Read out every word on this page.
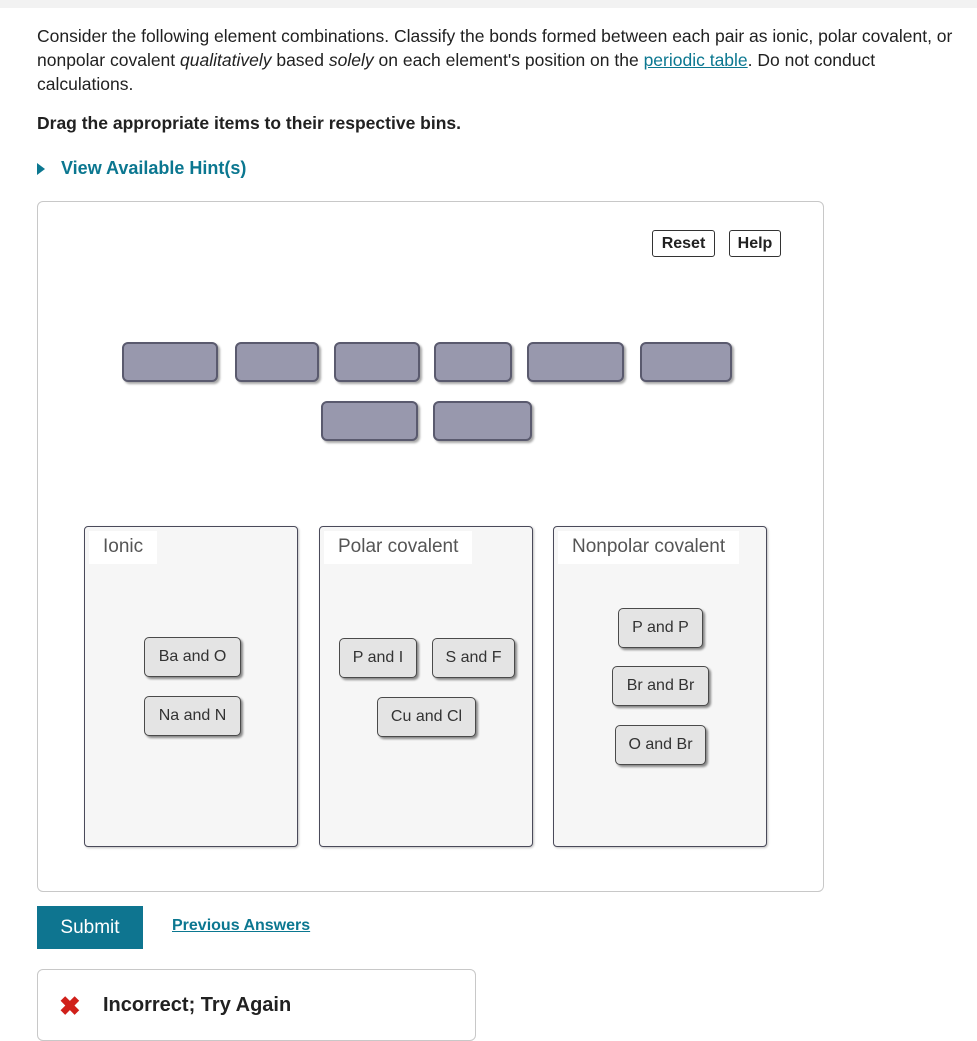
Consider the following element combinations. Classify the bonds formed between each pair as ionic, polar covalent, or nonpolar covalent qualitatively based solely on each element's position on the periodic table. Do not conduct calculations.

Drag the appropriate items to their respective bins.

View Available Hint(s)
Reset	Help
Ionic	Polar covalent	Nonpolar covalent
Ba and O
Na and N
P and I	S and F
Cu and Cl
P and P
Br and Br
O and Br
Submit	Previous Answers
✖ Incorrect; Try Again
